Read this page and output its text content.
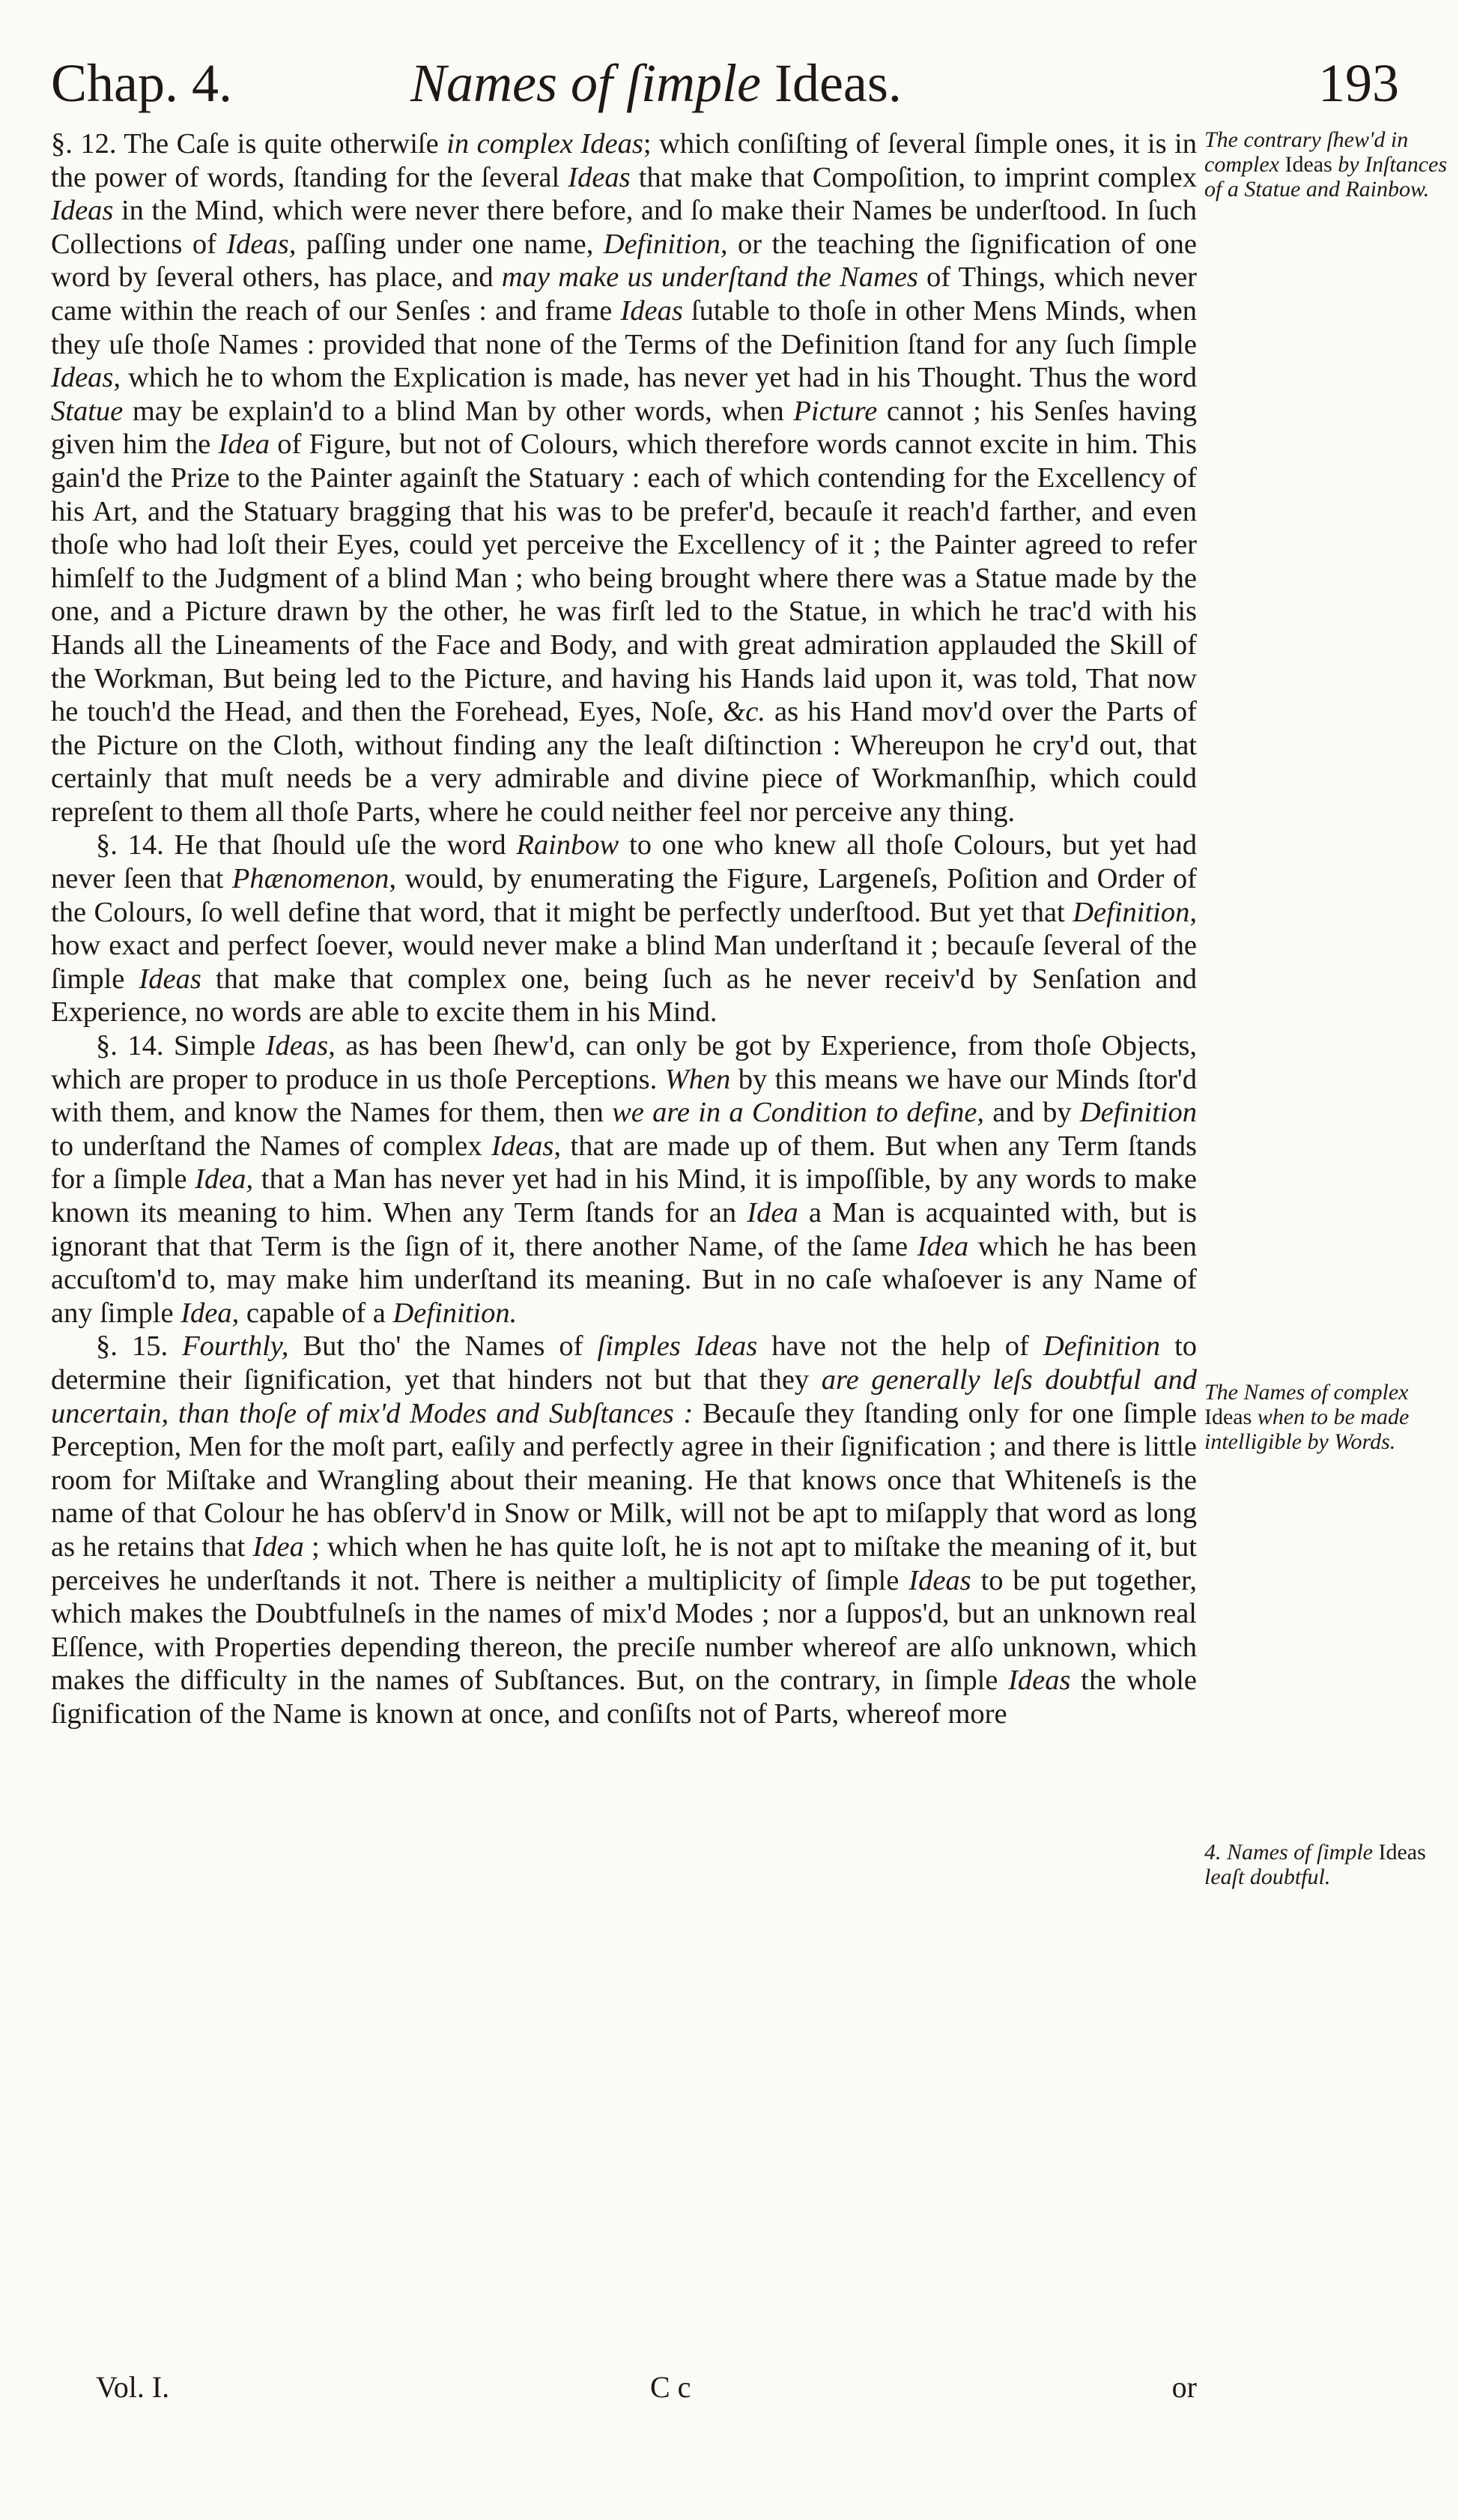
Chap. 4.	Names of ſimple Ideas.	193

§. 12. The Caſe is quite otherwiſe in complex Ideas; which conſiſting of ſeveral ſimple ones, it is in the power of words, ſtanding for the ſeveral Ideas that make that Compoſition, to imprint complex Ideas in the Mind, which were never there before, and ſo make their Names be underſtood. In ſuch Collections of Ideas, paſſing under one name, Definition, or the teaching the ſignification of one word by ſeveral others, has place, and may make us underſtand the Names of Things, which never came within the reach of our Senſes : and frame Ideas ſutable to thoſe in other Mens Minds, when they uſe thoſe Names : provided that none of the Terms of the Definition ſtand for any ſuch ſimple Ideas, which he to whom the Explication is made, has never yet had in his Thought. Thus the word Statue may be explain'd to a blind Man by other words, when Picture cannot ; his Senſes having given him the Idea of Figure, but not of Colours, which therefore words cannot excite in him. This gain'd the Prize to the Painter againſt the Statuary : each of which contending for the Excellency of his Art, and the Statuary bragging that his was to be prefer'd, becauſe it reach'd farther, and even thoſe who had loſt their Eyes, could yet perceive the Excellency of it ; the Painter agreed to refer himſelf to the Judgment of a blind Man ; who being brought where there was a Statue made by the one, and a Picture drawn by the other, he was firſt led to the Statue, in which he trac'd with his Hands all the Lineaments of the Face and Body, and with great admiration applauded the Skill of the Workman, But being led to the Picture, and having his Hands laid upon it, was told, That now he touch'd the Head, and then the Forehead, Eyes, Noſe, &c. as his Hand mov'd over the Parts of the Picture on the Cloth, without finding any the leaſt diſtinction : Whereupon he cry'd out, that certainly that muſt needs be a very admirable and divine piece of Workmanſhip, which could repreſent to them all thoſe Parts, where he could neither feel nor perceive any thing.

§. 14. He that ſhould uſe the word Rainbow to one who knew all thoſe Colours, but yet had never ſeen that Phænomenon, would, by enumerating the Figure, Largeneſs, Poſition and Order of the Colours, ſo well define that word, that it might be perfectly underſtood. But yet that Definition, how exact and perfect ſoever, would never make a blind Man underſtand it ; becauſe ſeveral of the ſimple Ideas that make that complex one, being ſuch as he never receiv'd by Senſation and Experience, no words are able to excite them in his Mind.

§. 14. Simple Ideas, as has been ſhew'd, can only be got by Experience, from thoſe Objects, which are proper to produce in us thoſe Perceptions. When by this means we have our Minds ſtor'd with them, and know the Names for them, then we are in a Condition to define, and by Definition to underſtand the Names of complex Ideas, that are made up of them. But when any Term ſtands for a ſimple Idea, that a Man has never yet had in his Mind, it is impoſſible, by any words to make known its meaning to him. When any Term ſtands for an Idea a Man is acquainted with, but is ignorant that that Term is the ſign of it, there another Name, of the ſame Idea which he has been accuſtom'd to, may make him underſtand its meaning. But in no caſe whaſoever is any Name of any ſimple Idea, capable of a Definition.

§. 15. Fourthly, But tho' the Names of ſimples Ideas have not the help of Definition to determine their ſignification, yet that hinders not but that they are generally leſs doubtful and uncertain, than thoſe of mix'd Modes and Subſtances : Becauſe they ſtanding only for one ſimple Perception, Men for the moſt part, eaſily and perfectly agree in their ſignification ; and there is little room for Miſtake and Wrangling about their meaning. He that knows once that Whiteneſs is the name of that Colour he has obſerv'd in Snow or Milk, will not be apt to miſapply that word as long as he retains that Idea ; which when he has quite loſt, he is not apt to miſtake the meaning of it, but perceives he underſtands it not. There is neither a multiplicity of ſimple Ideas to be put together, which makes the Doubtfulneſs in the names of mix'd Modes ; nor a ſuppos'd, but an unknown real Eſſence, with Properties depending thereon, the preciſe number whereof are alſo unknown, which makes the difficulty in the names of Subſtances. But, on the contrary, in ſimple Ideas the whole ſignification of the Name is known at once, and conſiſts not of Parts, whereof more

The contrary ſhew'd in complex Ideas by Inſtances of a Statue and Rainbow.
The Names of complex Ideas when to be made intelligible by Words.
4. Names of ſimple Ideas leaſt doubtful.
Vol. I.	C c	or
